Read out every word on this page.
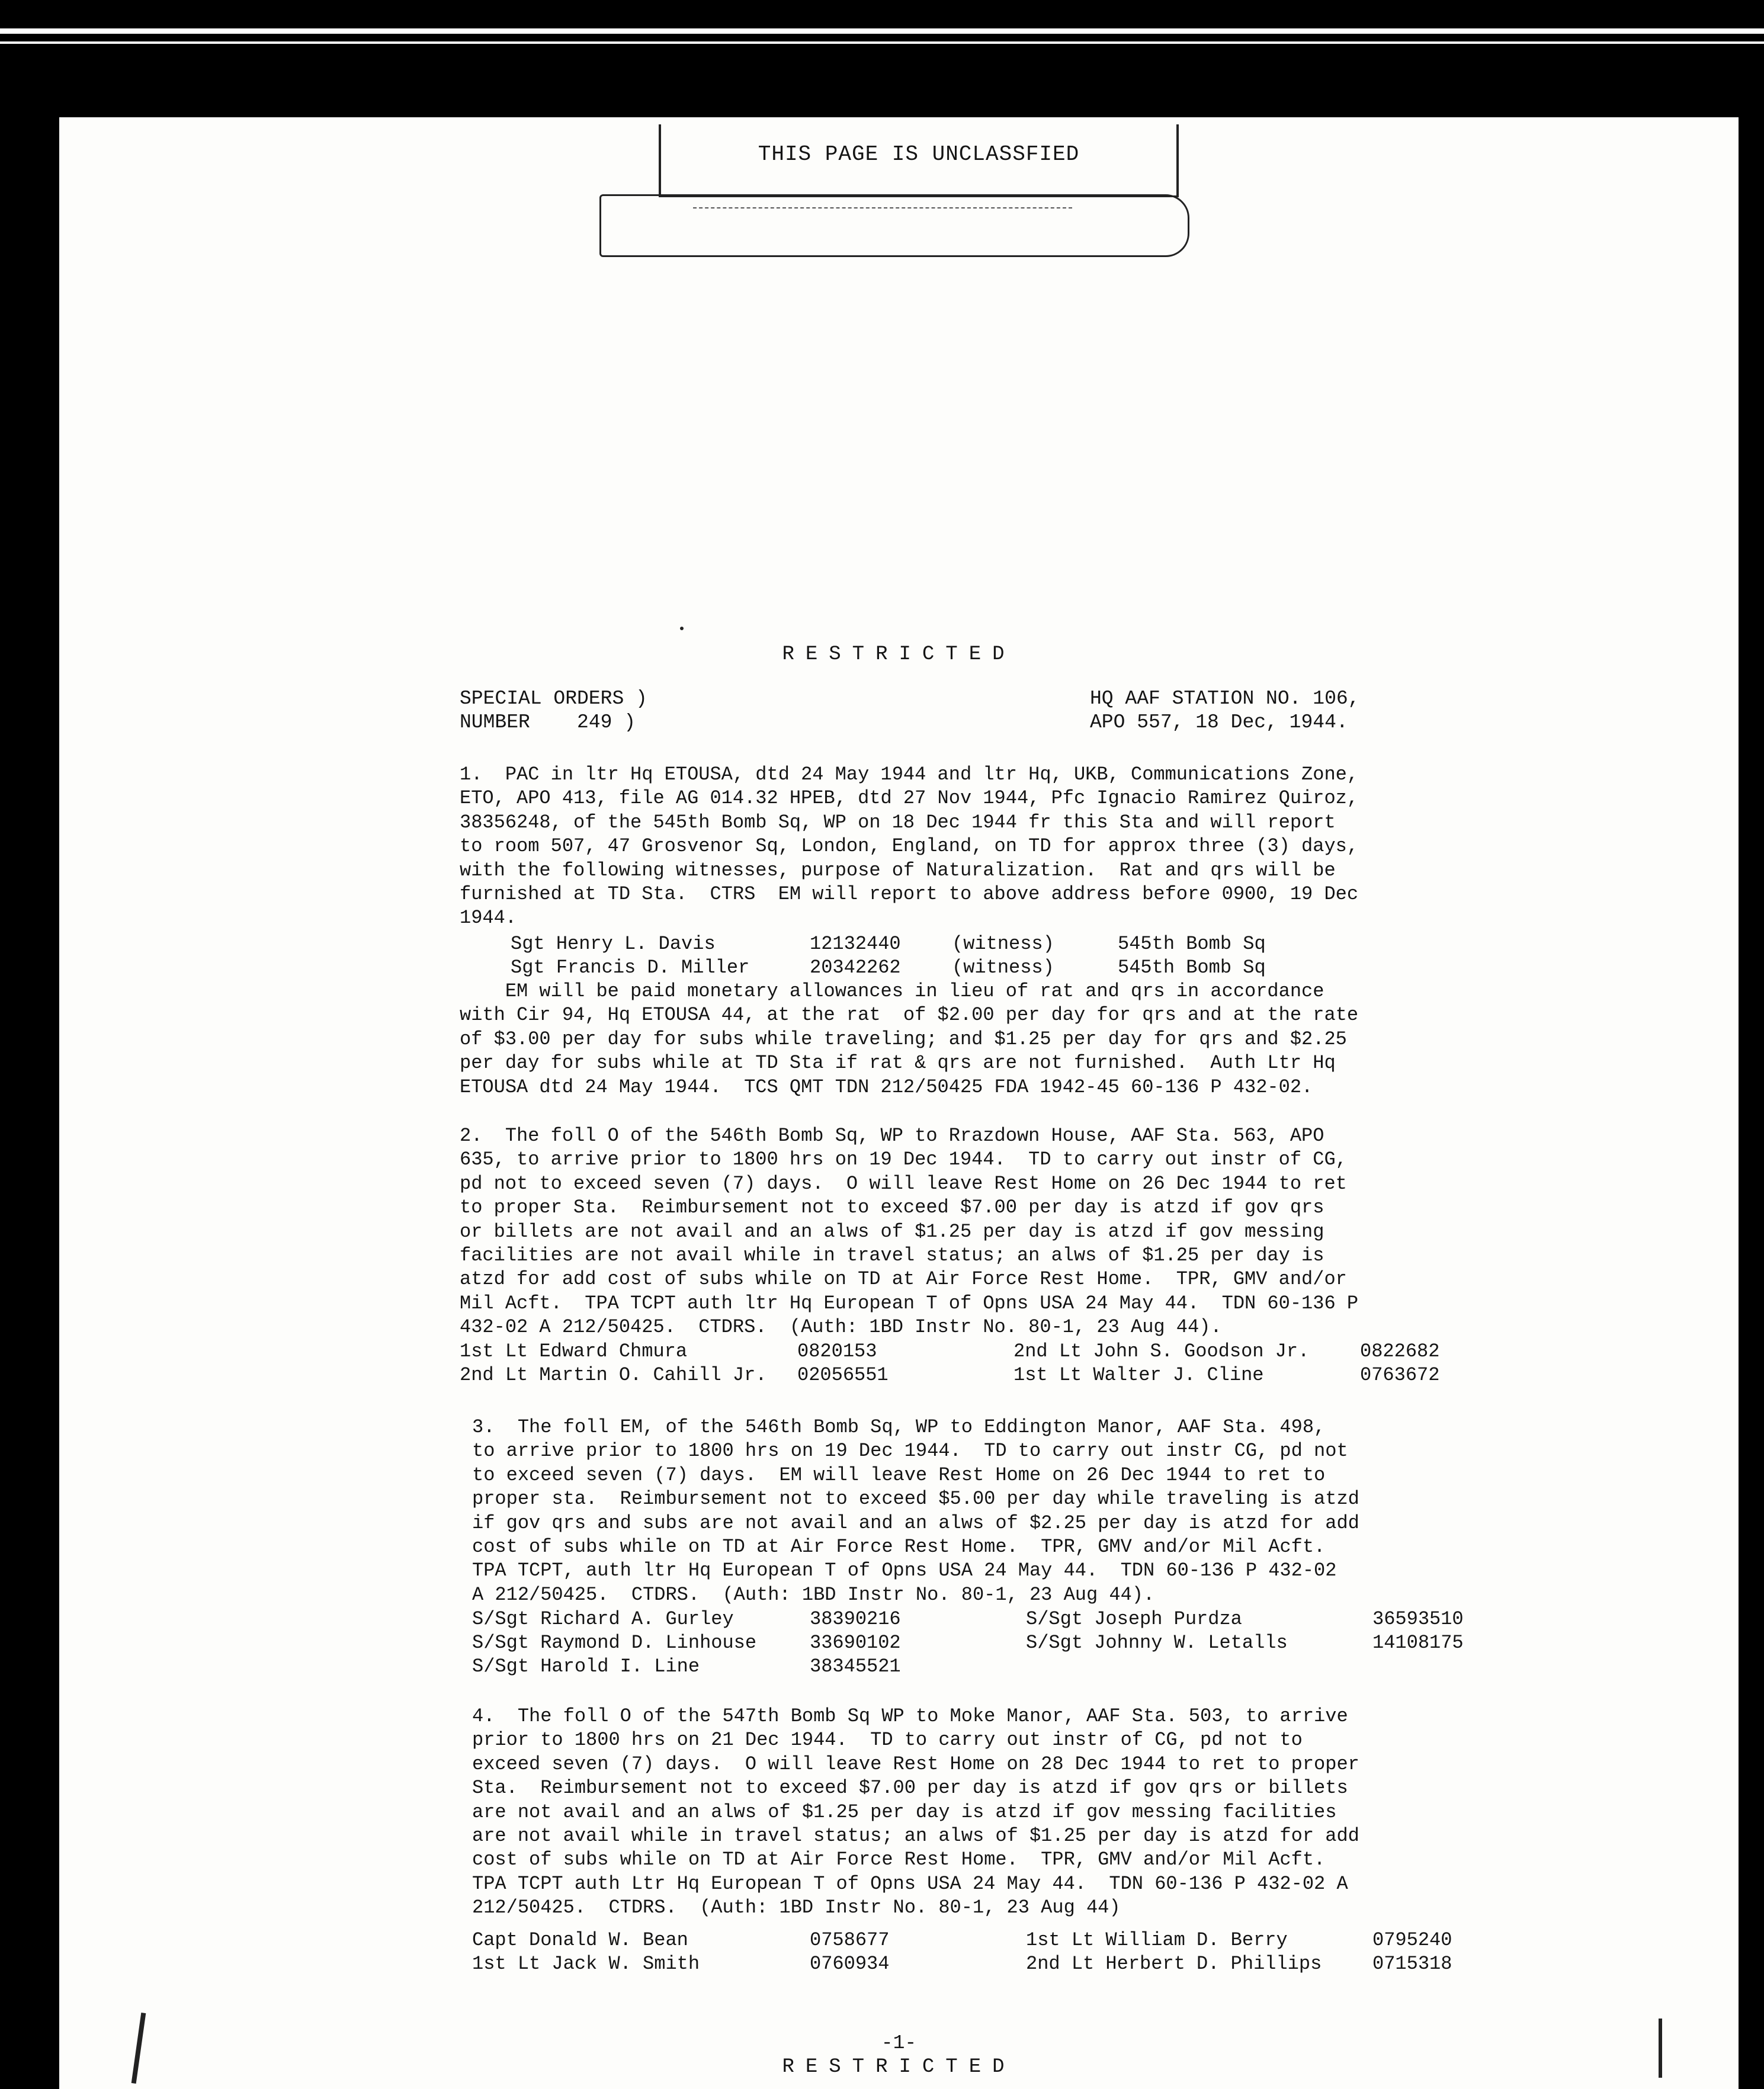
THIS PAGE IS UNCLASSFIED
RESTRICTED
SPECIAL ORDERS )
NUMBER    249 )
HQ AAF STATION NO. 106,
APO 557, 18 Dec, 1944.
1.  PAC in ltr Hq ETOUSA, dtd 24 May 1944 and ltr Hq, UKB, Communications Zone,
ETO, APO 413, file AG 014.32 HPEB, dtd 27 Nov 1944, Pfc Ignacio Ramirez Quiroz,
38356248, of the 545th Bomb Sq, WP on 18 Dec 1944 fr this Sta and will report
to room 507, 47 Grosvenor Sq, London, England, on TD for approx three (3) days,
with the following witnesses, purpose of Naturalization.  Rat and qrs will be
furnished at TD Sta.  CTRS  EM will report to above address before 0900, 19 Dec
1944.
Sgt Henry L. Davis	12132440	(witness)	545th Bomb Sq
Sgt Francis D. Miller	20342262	(witness)	545th Bomb Sq
EM will be paid monetary allowances in lieu of rat and qrs in accordance
with Cir 94, Hq ETOUSA 44, at the rat  of $2.00 per day for qrs and at the rate
of $3.00 per day for subs while traveling; and $1.25 per day for qrs and $2.25
per day for subs while at TD Sta if rat & qrs are not furnished.  Auth Ltr Hq
ETOUSA dtd 24 May 1944.  TCS QMT TDN 212/50425 FDA 1942-45 60-136 P 432-02.
2.  The foll O of the 546th Bomb Sq, WP to Rrazdown House, AAF Sta. 563, APO
635, to arrive prior to 1800 hrs on 19 Dec 1944.  TD to carry out instr of CG,
pd not to exceed seven (7) days.  O will leave Rest Home on 26 Dec 1944 to ret
to proper Sta.  Reimbursement not to exceed $7.00 per day is atzd if gov qrs
or billets are not avail and an alws of $1.25 per day is atzd if gov messing
facilities are not avail while in travel status; an alws of $1.25 per day is
atzd for add cost of subs while on TD at Air Force Rest Home.  TPR, GMV and/or
Mil Acft.  TPA TCPT auth ltr Hq European T of Opns USA 24 May 44.  TDN 60-136 P
432-02 A 212/50425.  CTDRS.  (Auth: 1BD Instr No. 80-1, 23 Aug 44).
1st Lt Edward Chmura	0820153	2nd Lt John S. Goodson Jr.	0822682
2nd Lt Martin O. Cahill Jr.	02056551	1st Lt Walter J. Cline	0763672
3.  The foll EM, of the 546th Bomb Sq, WP to Eddington Manor, AAF Sta. 498,
to arrive prior to 1800 hrs on 19 Dec 1944.  TD to carry out instr CG, pd not
to exceed seven (7) days.  EM will leave Rest Home on 26 Dec 1944 to ret to
proper sta.  Reimbursement not to exceed $5.00 per day while traveling is atzd
if gov qrs and subs are not avail and an alws of $2.25 per day is atzd for add
cost of subs while on TD at Air Force Rest Home.  TPR, GMV and/or Mil Acft.
TPA TCPT, auth ltr Hq European T of Opns USA 24 May 44.  TDN 60-136 P 432-02
A 212/50425.  CTDRS.  (Auth: 1BD Instr No. 80-1, 23 Aug 44).
S/Sgt Richard A. Gurley	38390216	S/Sgt Joseph Purdza	36593510
S/Sgt Raymond D. Linhouse	33690102	S/Sgt Johnny W. Letalls	14108175
S/Sgt Harold I. Line	38345521
4.  The foll O of the 547th Bomb Sq WP to Moke Manor, AAF Sta. 503, to arrive
prior to 1800 hrs on 21 Dec 1944.  TD to carry out instr of CG, pd not to
exceed seven (7) days.  O will leave Rest Home on 28 Dec 1944 to ret to proper
Sta.  Reimbursement not to exceed $7.00 per day is atzd if gov qrs or billets
are not avail and an alws of $1.25 per day is atzd if gov messing facilities
are not avail while in travel status; an alws of $1.25 per day is atzd for add
cost of subs while on TD at Air Force Rest Home.  TPR, GMV and/or Mil Acft.
TPA TCPT auth Ltr Hq European T of Opns USA 24 May 44.  TDN 60-136 P 432-02 A
212/50425.  CTDRS.  (Auth: 1BD Instr No. 80-1, 23 Aug 44)
Capt Donald W. Bean	0758677	1st Lt William D. Berry	0795240
1st Lt Jack W. Smith	0760934	2nd Lt Herbert D. Phillips	0715318
-1-
RESTRICTED
